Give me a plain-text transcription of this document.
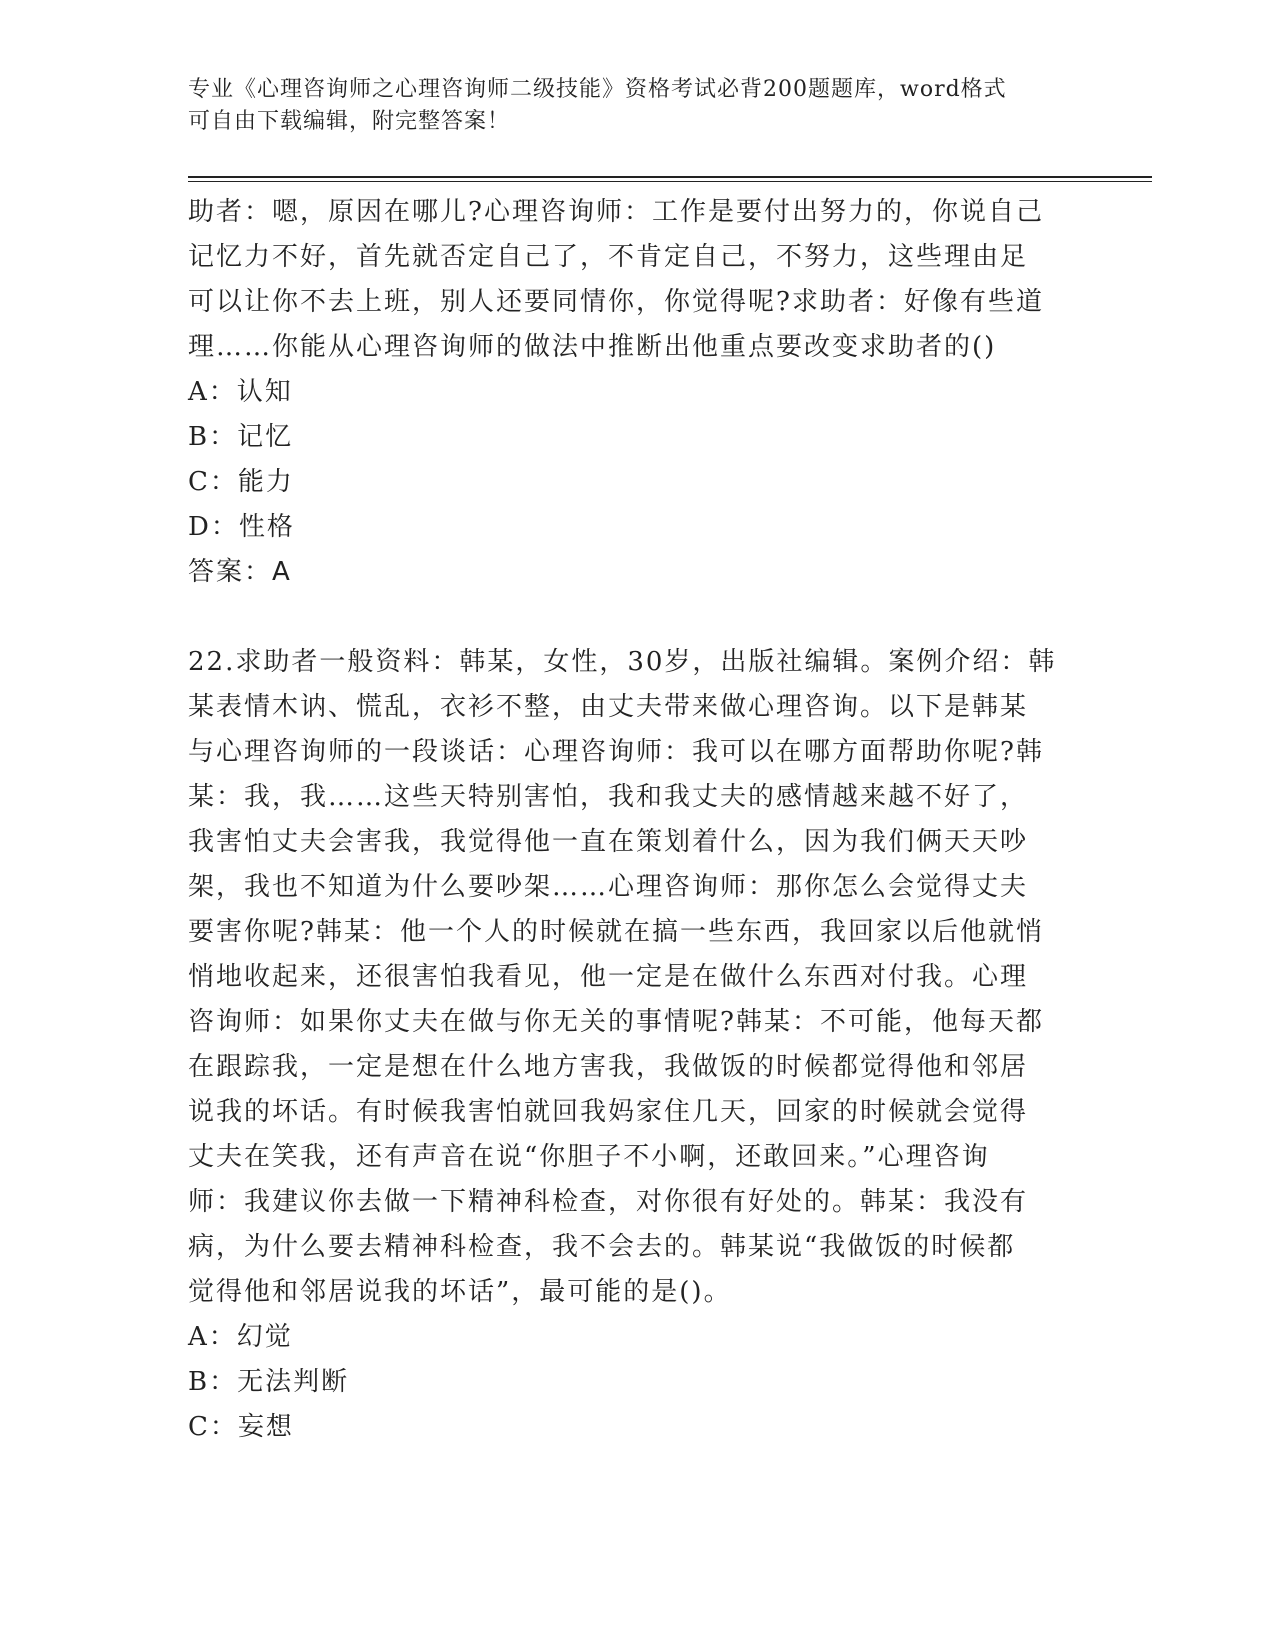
专业《心理咨询师之心理咨询师二级技能》资格考试必背200题题库，word格式
可自由下载编辑，附完整答案！
助者：嗯，原因在哪儿?心理咨询师：工作是要付出努力的，你说自己
记忆力不好，首先就否定自己了，不肯定自己，不努力，这些理由足
可以让你不去上班，别人还要同情你，你觉得呢?求助者：好像有些道
理……你能从心理咨询师的做法中推断出他重点要改变求助者的()
A：认知
B：记忆
C：能力
D：性格
答案：A
22.求助者一般资料：韩某，女性，30岁，出版社编辑。案例介绍：韩
某表情木讷、慌乱，衣衫不整，由丈夫带来做心理咨询。以下是韩某
与心理咨询师的一段谈话：心理咨询师：我可以在哪方面帮助你呢?韩
某：我，我……这些天特别害怕，我和我丈夫的感情越来越不好了，
我害怕丈夫会害我，我觉得他一直在策划着什么，因为我们俩天天吵
架，我也不知道为什么要吵架……心理咨询师：那你怎么会觉得丈夫
要害你呢?韩某：他一个人的时候就在搞一些东西，我回家以后他就悄
悄地收起来，还很害怕我看见，他一定是在做什么东西对付我。心理
咨询师：如果你丈夫在做与你无关的事情呢?韩某：不可能，他每天都
在跟踪我，一定是想在什么地方害我，我做饭的时候都觉得他和邻居
说我的坏话。有时候我害怕就回我妈家住几天，回家的时候就会觉得
丈夫在笑我，还有声音在说“你胆子不小啊，还敢回来。”心理咨询
师：我建议你去做一下精神科检查，对你很有好处的。韩某：我没有
病，为什么要去精神科检查，我不会去的。韩某说“我做饭的时候都
觉得他和邻居说我的坏话”，最可能的是()。
A：幻觉
B：无法判断
C：妄想
